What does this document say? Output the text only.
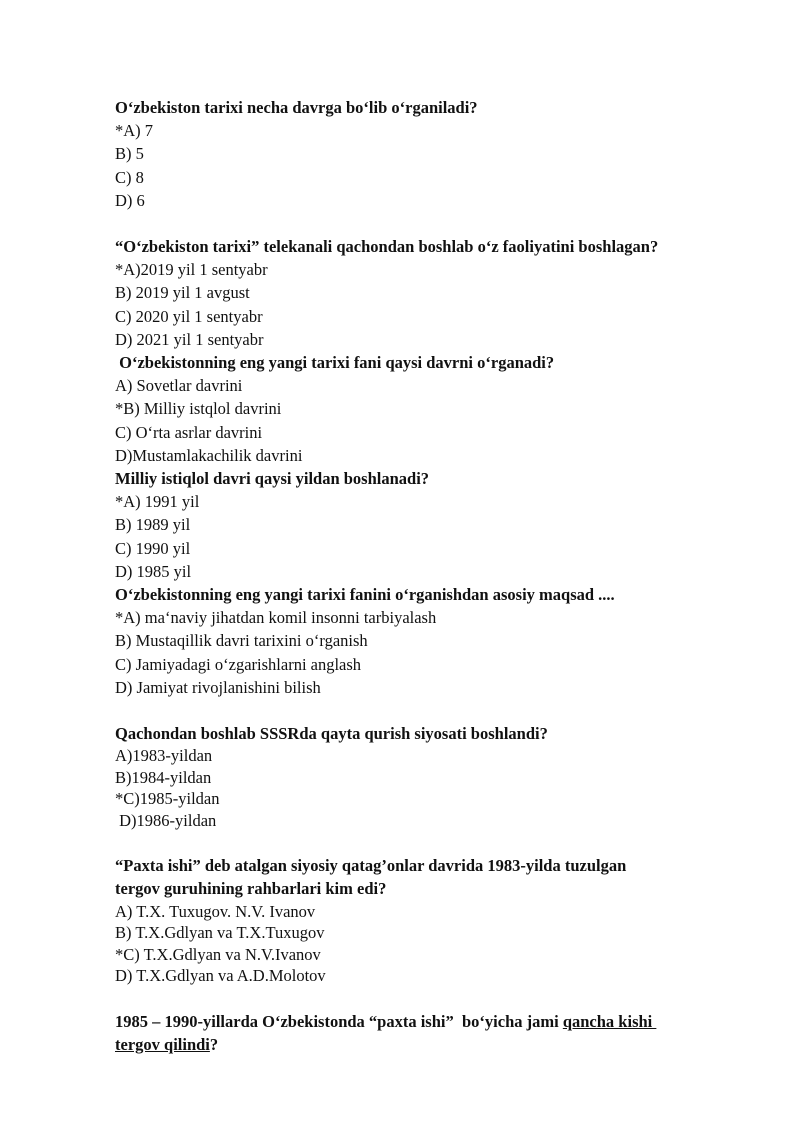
O‘zbekiston tarixi necha davrga bo‘lib o‘rganiladi?
*A) 7
B) 5
C) 8
D) 6
“O‘zbekiston tarixi” telekanali qachondan boshlab o‘z faoliyatini boshlagan?
*A)2019 yil 1 sentyabr
B) 2019 yil 1 avgust
C) 2020 yil 1 sentyabr
D) 2021 yil 1 sentyabr
O‘zbekistonning eng yangi tarixi fani qaysi davrni o‘rganadi?
A) Sovetlar davrini
*B) Milliy istqlol davrini
C) O‘rta asrlar davrini
D)Mustamlakachilik davrini
Milliy istiqlol davri qaysi yildan boshlanadi?
*A) 1991 yil
B) 1989 yil
C) 1990 yil
D) 1985 yil
O‘zbekistonning eng yangi tarixi fanini o‘rganishdan asosiy maqsad ....
*A) ma‘naviy jihatdan komil insonni tarbiyalash
B) Mustaqillik davri tarixini o‘rganish
C) Jamiyadagi o‘zgarishlarni anglash
D) Jamiyat rivojlanishini bilish
Qachondan boshlab SSSRda qayta qurish siyosati boshlandi?
A)1983-yildan
B)1984-yildan
*C)1985-yildan
D)1986-yildan
“Paxta ishi” deb atalgan siyosiy qatag’onlar davrida 1983-yilda tuzulgan
tergov guruhining rahbarlari kim edi?
A) T.X. Tuxugov. N.V. Ivanov
B) T.X.Gdlyan va T.X.Tuxugov
*C) T.X.Gdlyan va N.V.Ivanov
D) T.X.Gdlyan va A.D.Molotov
1985 – 1990-yillarda O‘zbekistonda “paxta ishi”  bo‘yicha jami qancha kishi
tergov qilindi?
